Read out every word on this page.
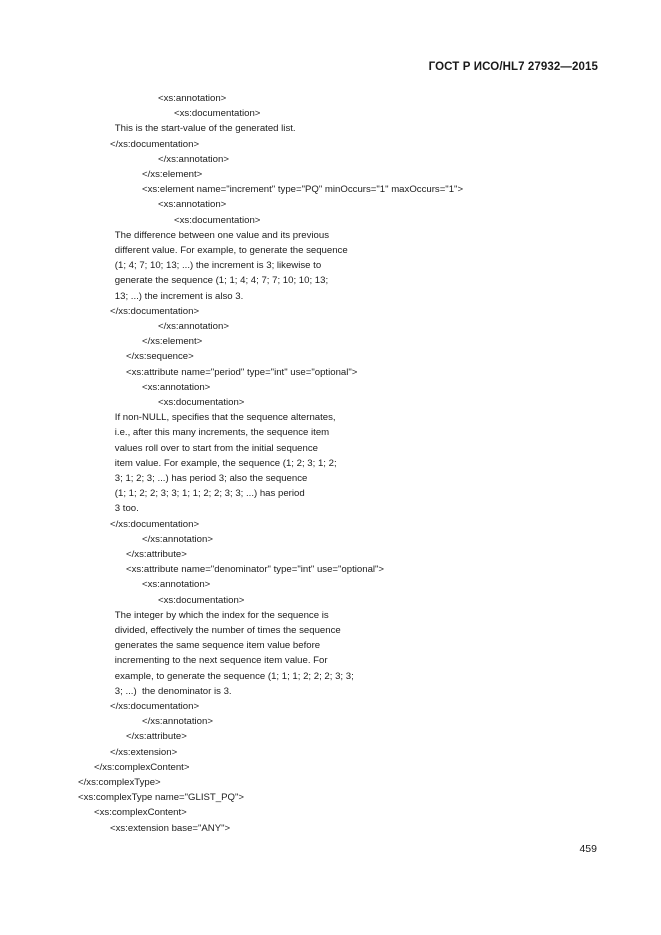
ГОСТ Р ИСО/HL7 27932—2015
<xs:annotation>
<xs:documentation>
This is the start-value of the generated list.
</xs:documentation>
</xs:annotation>
</xs:element>
<xs:element name="increment" type="PQ" minOccurs="1" maxOccurs="1">
<xs:annotation>
<xs:documentation>
The difference between one value and its previous
different value. For example, to generate the sequence
(1; 4; 7; 10; 13; ...) the increment is 3; likewise to
generate the sequence (1; 1; 4; 4; 7; 7; 10; 10; 13;
13; ...) the increment is also 3.
</xs:documentation>
</xs:annotation>
</xs:element>
</xs:sequence>
<xs:attribute name="period" type="int" use="optional">
<xs:annotation>
<xs:documentation>
If non-NULL, specifies that the sequence alternates,
i.e., after this many increments, the sequence item
values roll over to start from the initial sequence
item value. For example, the sequence (1; 2; 3; 1; 2;
3; 1; 2; 3; ...) has period 3; also the sequence
(1; 1; 2; 2; 3; 3; 1; 1; 2; 2; 3; 3; ...) has period
3 too.
</xs:documentation>
</xs:annotation>
</xs:attribute>
<xs:attribute name="denominator" type="int" use="optional">
<xs:annotation>
<xs:documentation>
The integer by which the index for the sequence is
divided, effectively the number of times the sequence
generates the same sequence item value before
incrementing to the next sequence item value. For
example, to generate the sequence (1; 1; 1; 2; 2; 2; 3; 3;
3; ...)  the denominator is 3.
</xs:documentation>
</xs:annotation>
</xs:attribute>
</xs:extension>
</xs:complexContent>
</xs:complexType>
<xs:complexType name="GLIST_PQ">
<xs:complexContent>
<xs:extension base="ANY">
459
